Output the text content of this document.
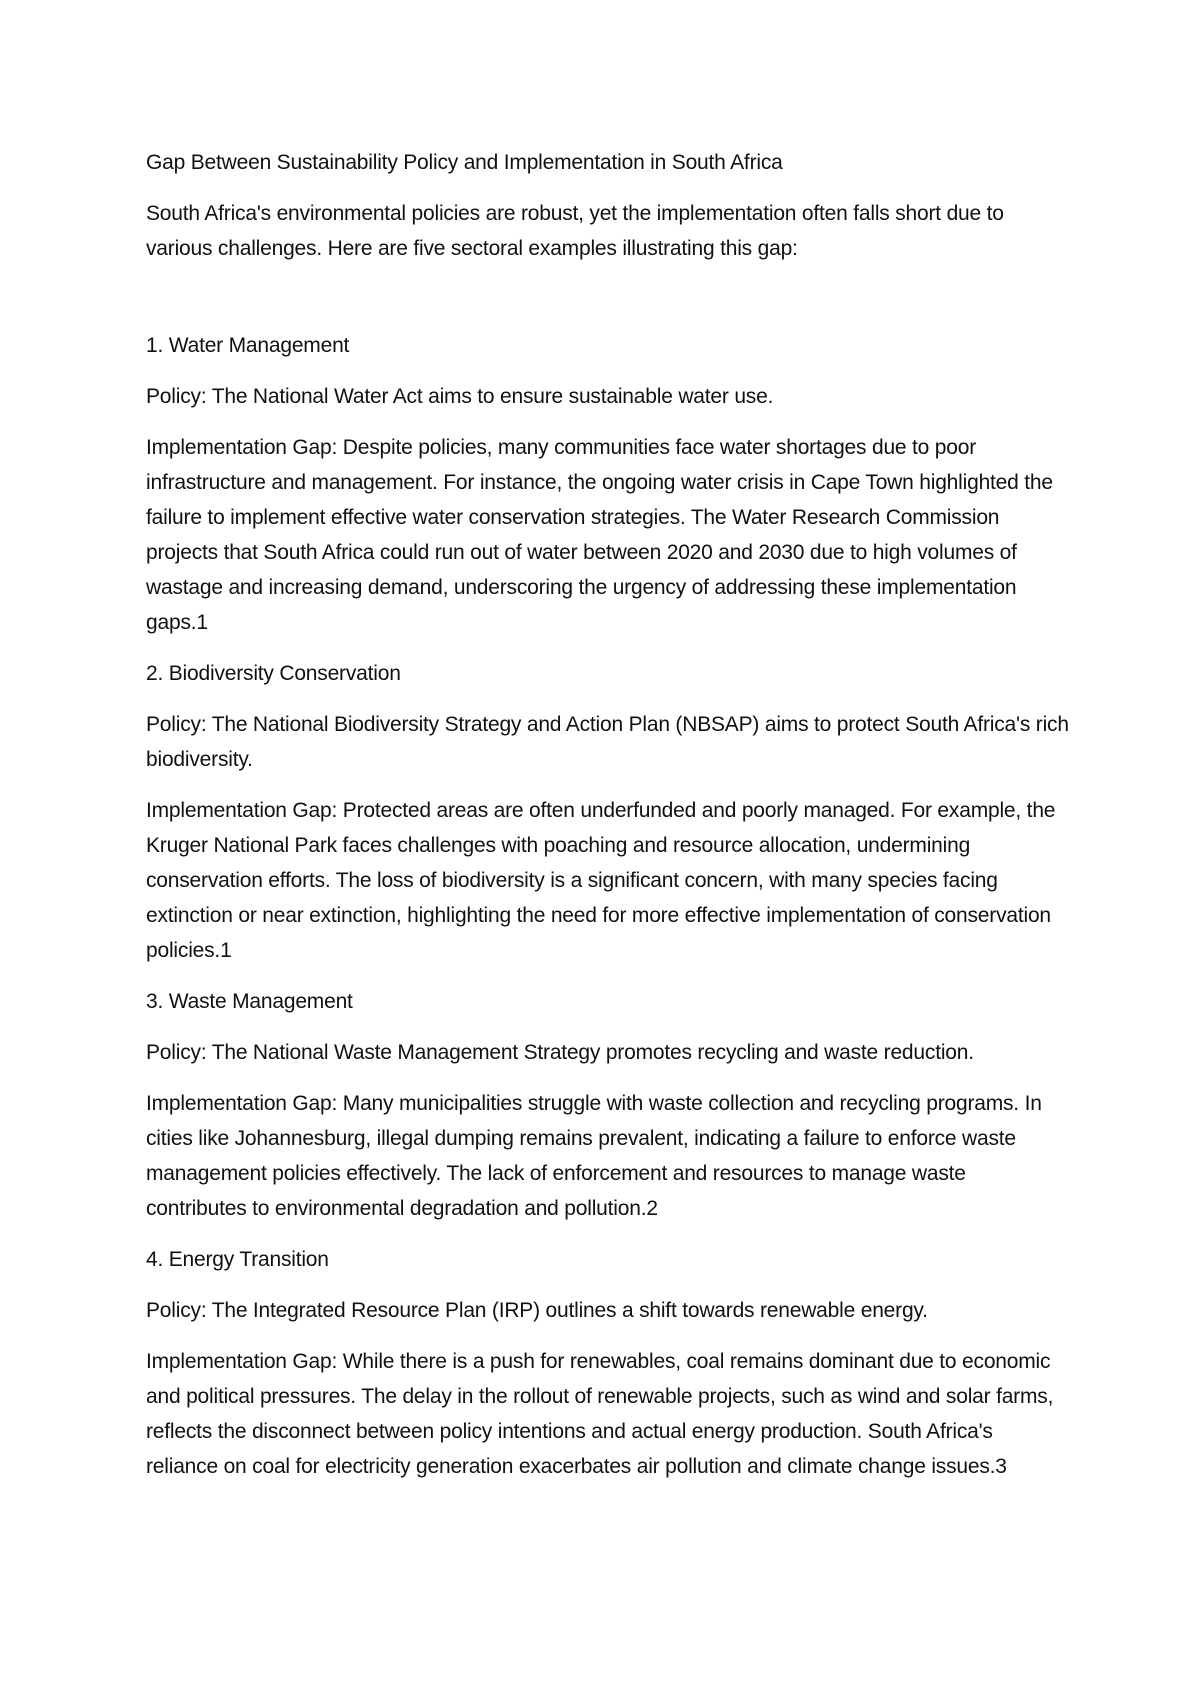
Gap Between Sustainability Policy and Implementation in South Africa

South Africa's environmental policies are robust, yet the implementation often falls short due to various challenges. Here are five sectoral examples illustrating this gap:

1. Water Management

Policy: The National Water Act aims to ensure sustainable water use.

Implementation Gap: Despite policies, many communities face water shortages due to poor infrastructure and management. For instance, the ongoing water crisis in Cape Town highlighted the failure to implement effective water conservation strategies. The Water Research Commission projects that South Africa could run out of water between 2020 and 2030 due to high volumes of wastage and increasing demand, underscoring the urgency of addressing these implementation gaps.1

2. Biodiversity Conservation

Policy: The National Biodiversity Strategy and Action Plan (NBSAP) aims to protect South Africa's rich biodiversity.

Implementation Gap: Protected areas are often underfunded and poorly managed. For example, the Kruger National Park faces challenges with poaching and resource allocation, undermining conservation efforts. The loss of biodiversity is a significant concern, with many species facing extinction or near extinction, highlighting the need for more effective implementation of conservation policies.1

3. Waste Management

Policy: The National Waste Management Strategy promotes recycling and waste reduction.

Implementation Gap: Many municipalities struggle with waste collection and recycling programs. In cities like Johannesburg, illegal dumping remains prevalent, indicating a failure to enforce waste management policies effectively. The lack of enforcement and resources to manage waste contributes to environmental degradation and pollution.2

4. Energy Transition

Policy: The Integrated Resource Plan (IRP) outlines a shift towards renewable energy.

Implementation Gap: While there is a push for renewables, coal remains dominant due to economic and political pressures. The delay in the rollout of renewable projects, such as wind and solar farms, reflects the disconnect between policy intentions and actual energy production. South Africa's reliance on coal for electricity generation exacerbates air pollution and climate change issues.3
